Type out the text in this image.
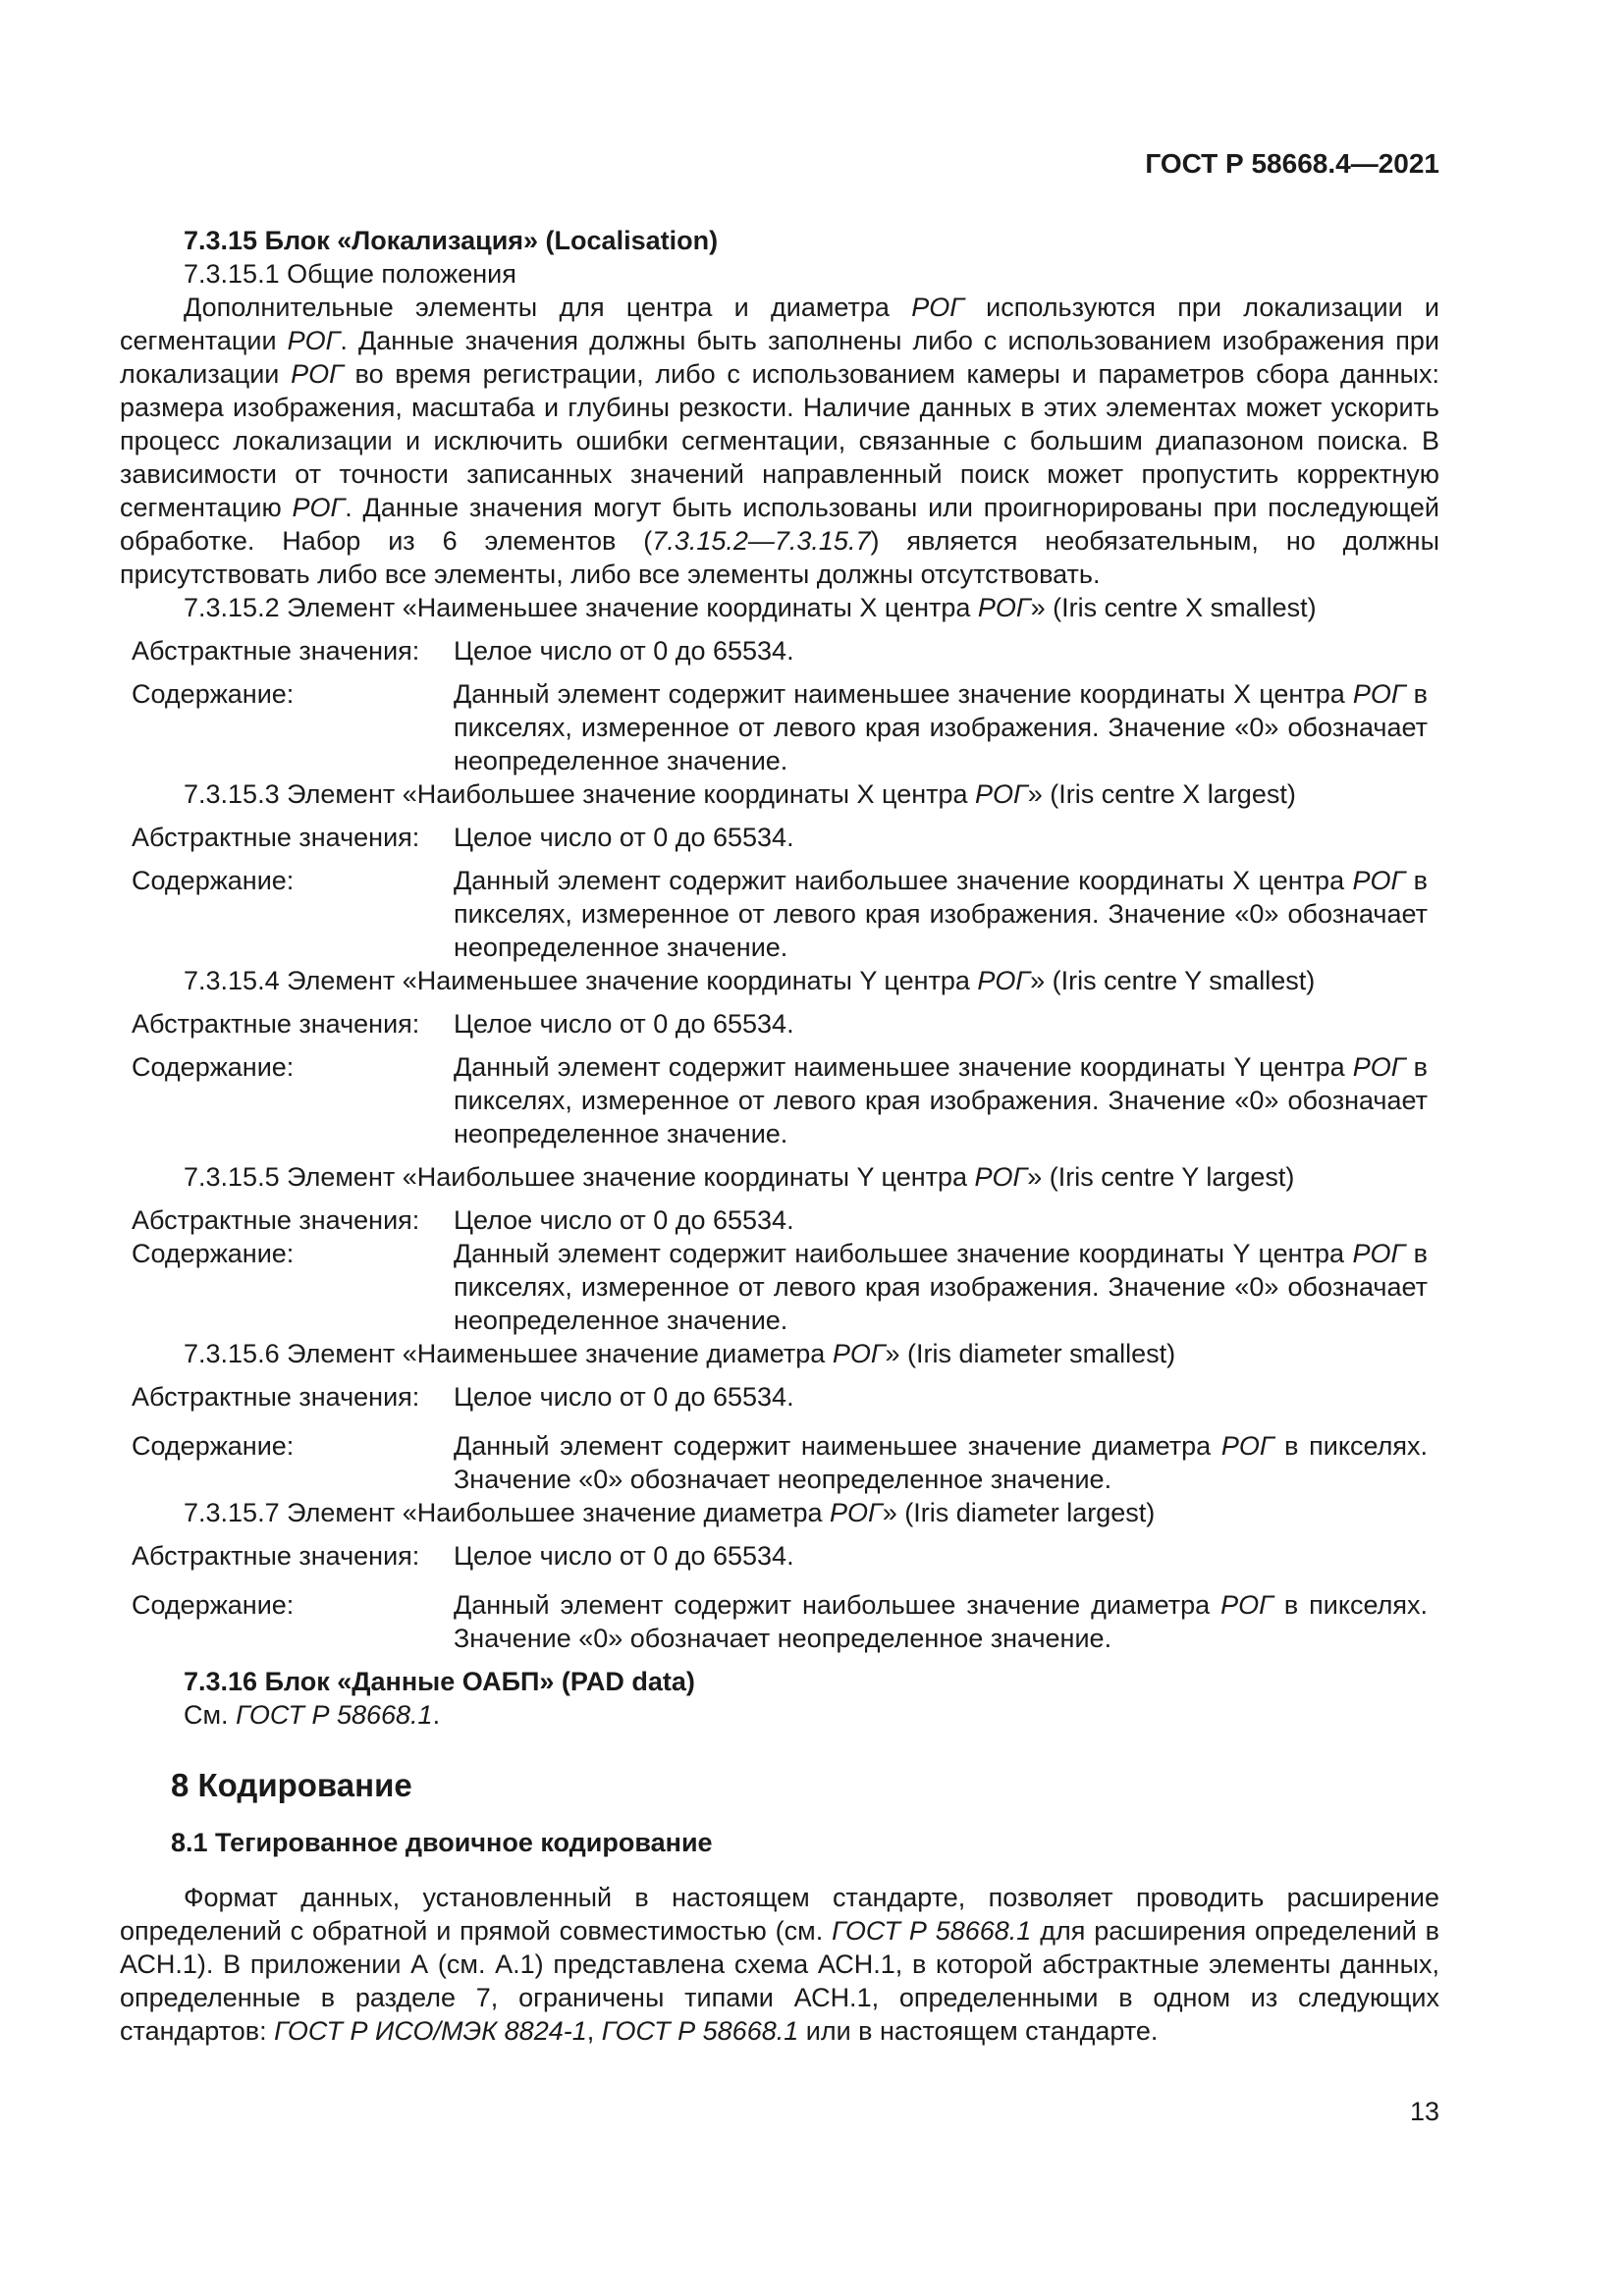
ГОСТ Р 58668.4—2021

7.3.15 Блок «Локализация» (Localisation)

7.3.15.1 Общие положения

Дополнительные элементы для центра и диаметра РОГ используются при локализации и сегментации РОГ. Данные значения должны быть заполнены либо с использованием изображения при локализации РОГ во время регистрации, либо с использованием камеры и параметров сбора данных: размера изображения, масштаба и глубины резкости. Наличие данных в этих элементах может ускорить процесс локализации и исключить ошибки сегментации, связанные с большим диапазоном поиска. В зависимости от точности записанных значений направленный поиск может пропустить корректную сегментацию РОГ. Данные значения могут быть использованы или проигнорированы при последующей обработке. Набор из 6 элементов (7.3.15.2—7.3.15.7) является необязательным, но должны присутствовать либо все элементы, либо все элементы должны отсутствовать.

7.3.15.2 Элемент «Наименьшее значение координаты X центра РОГ» (Iris centre X smallest)

Абстрактные значения:	Целое число от 0 до 65534.
Содержание:	Данный элемент содержит наименьшее значение координаты X центра РОГ в пикселях, измеренное от левого края изображения. Значение «0» обозначает неопределенное значение.

7.3.15.3 Элемент «Наибольшее значение координаты X центра РОГ» (Iris centre X largest)

Абстрактные значения:	Целое число от 0 до 65534.
Содержание:	Данный элемент содержит наибольшее значение координаты X центра РОГ в пикселях, измеренное от левого края изображения. Значение «0» обозначает неопределенное значение.

7.3.15.4 Элемент «Наименьшее значение координаты Y центра РОГ» (Iris centre Y smallest)

Абстрактные значения:	Целое число от 0 до 65534.
Содержание:	Данный элемент содержит наименьшее значение координаты Y центра РОГ в пикселях, измеренное от левого края изображения. Значение «0» обозначает неопределенное значение.

7.3.15.5 Элемент «Наибольшее значение координаты Y центра РОГ» (Iris centre Y largest)

Абстрактные значения:	Целое число от 0 до 65534.
Содержание:	Данный элемент содержит наибольшее значение координаты Y центра РОГ в пикселях, измеренное от левого края изображения. Значение «0» обозначает неопределенное значение.

7.3.15.6 Элемент «Наименьшее значение диаметра РОГ» (Iris diameter smallest)

Абстрактные значения:	Целое число от 0 до 65534.
Содержание:	Данный элемент содержит наименьшее значение диаметра РОГ в пикселях. Значение «0» обозначает неопределенное значение.

7.3.15.7 Элемент «Наибольшее значение диаметра РОГ» (Iris diameter largest)

Абстрактные значения:	Целое число от 0 до 65534.
Содержание:	Данный элемент содержит наибольшее значение диаметра РОГ в пикселях. Значение «0» обозначает неопределенное значение.

7.3.16 Блок «Данные ОАБП» (PAD data)

См. ГОСТ Р 58668.1.

8 Кодирование
8.1 Тегированное двоичное кодирование

Формат данных, установленный в настоящем стандарте, позволяет проводить расширение определений с обратной и прямой совместимостью (см. ГОСТ Р 58668.1 для расширения определений в АСН.1). В приложении А (см. А.1) представлена схема АСН.1, в которой абстрактные элементы данных, определенные в разделе 7, ограничены типами АСН.1, определенными в одном из следующих стандартов: ГОСТ Р ИСО/МЭК 8824-1, ГОСТ Р 58668.1 или в настоящем стандарте.

13
